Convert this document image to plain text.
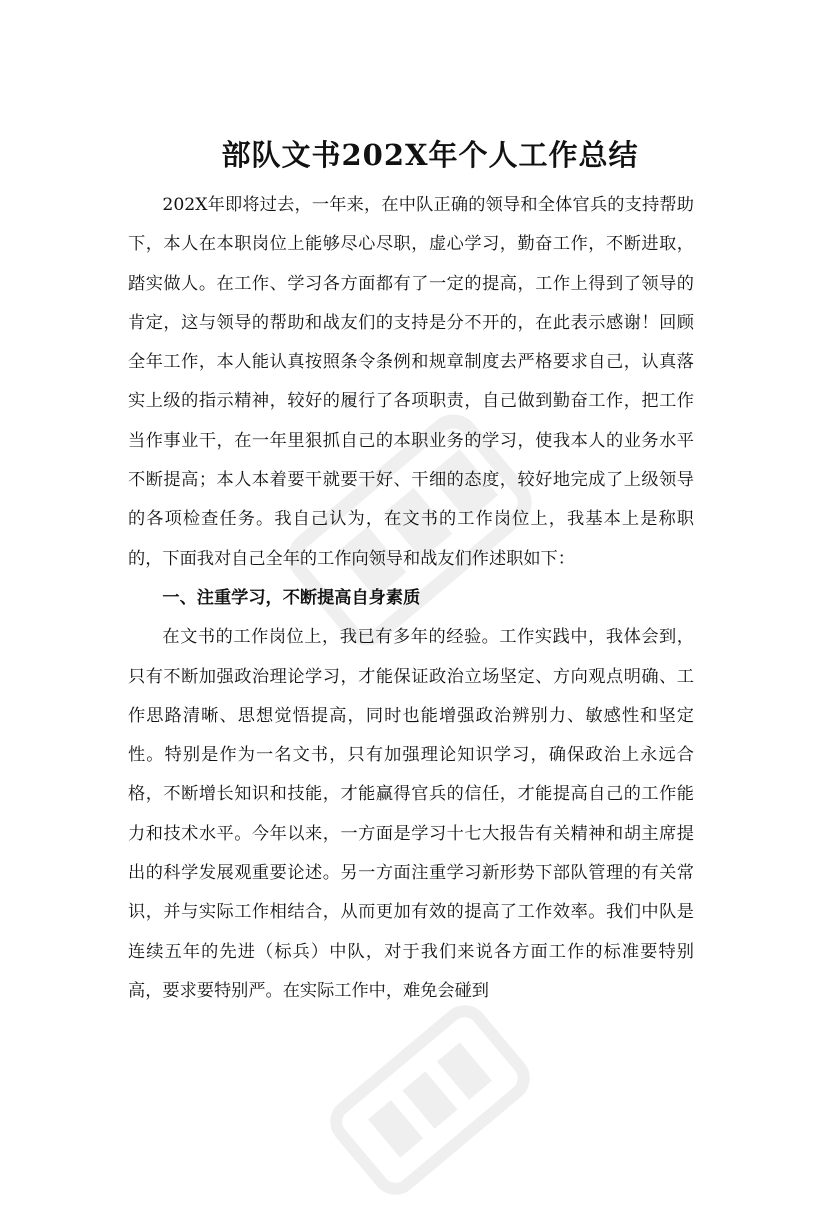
部队文书202X年个人工作总结

202X年即将过去，一年来，在中队正确的领导和全体官兵的支持帮助下，本人在本职岗位上能够尽心尽职，虚心学习，勤奋工作，不断进取，踏实做人。在工作、学习各方面都有了一定的提高，工作上得到了领导的肯定，这与领导的帮助和战友们的支持是分不开的，在此表示感谢！回顾全年工作，本人能认真按照条令条例和规章制度去严格要求自己，认真落实上级的指示精神，较好的履行了各项职责，自己做到勤奋工作，把工作当作事业干，在一年里狠抓自己的本职业务的学习，使我本人的业务水平不断提高；本人本着要干就要干好、干细的态度，较好地完成了上级领导的各项检查任务。我自己认为，在文书的工作岗位上，我基本上是称职的，下面我对自己全年的工作向领导和战友们作述职如下：

一、注重学习，不断提高自身素质

在文书的工作岗位上，我已有多年的经验。工作实践中，我体会到，只有不断加强政治理论学习，才能保证政治立场坚定、方向观点明确、工作思路清晰、思想觉悟提高，同时也能增强政治辨别力、敏感性和坚定性。特别是作为一名文书，只有加强理论知识学习，确保政治上永远合格，不断增长知识和技能，才能赢得官兵的信任，才能提高自己的工作能力和技术水平。今年以来，一方面是学习十七大报告有关精神和胡主席提出的科学发展观重要论述。另一方面注重学习新形势下部队管理的有关常识，并与实际工作相结合，从而更加有效的提高了工作效率。我们中队是连续五年的先进（标兵）中队，对于我们来说各方面工作的标准要特别高，要求要特别严。在实际工作中，难免会碰到
